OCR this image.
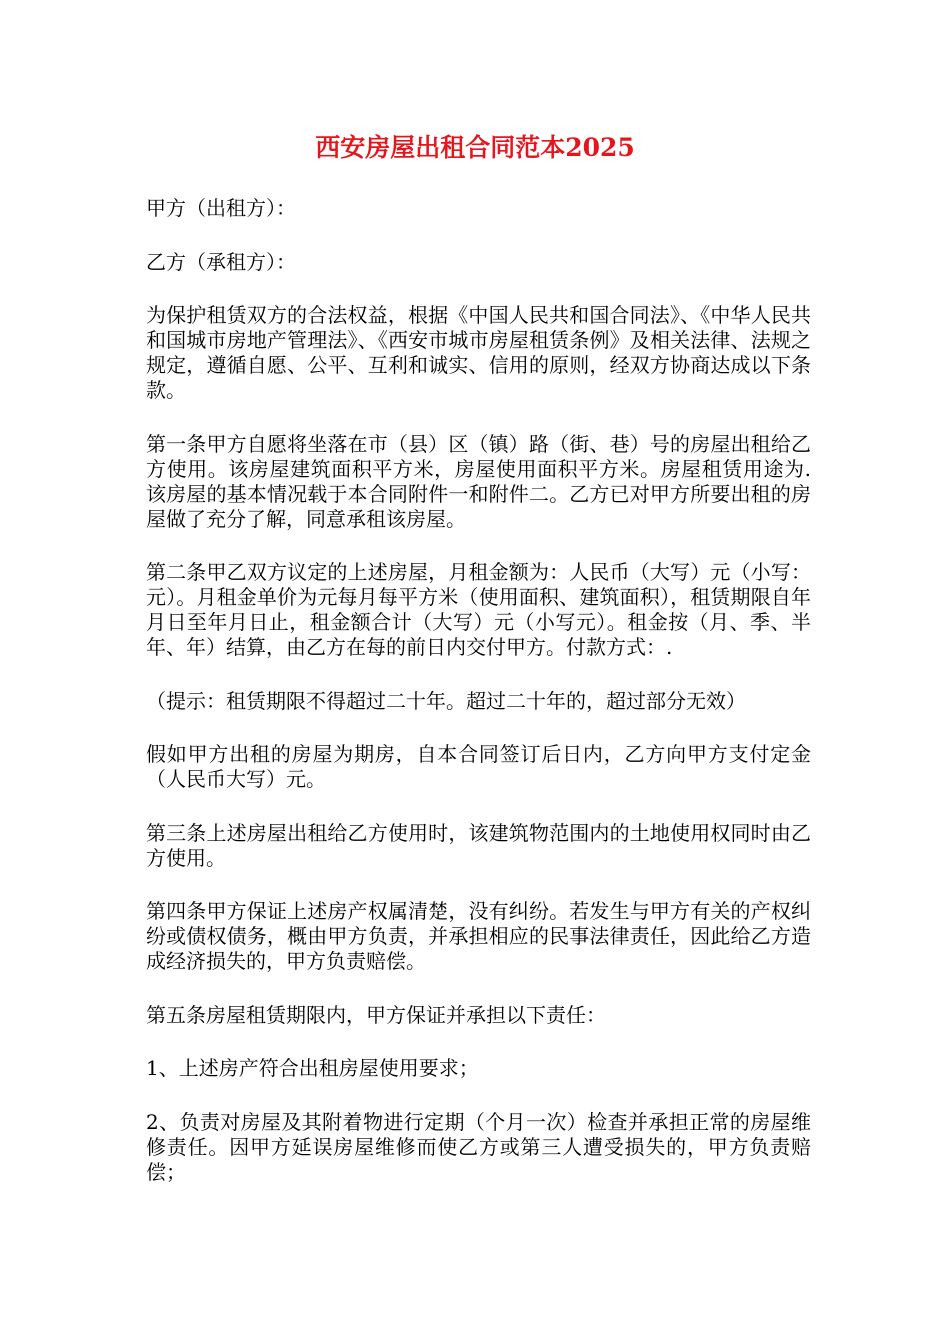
西安房屋出租合同范本2025

甲方（出租方）：

乙方（承租方）：

为保护租赁双方的合法权益，根据《中国人民共和国合同法》、《中华人民共和国城市房地产管理法》、《西安市城市房屋租赁条例》及相关法律、法规之规定，遵循自愿、公平、互利和诚实、信用的原则，经双方协商达成以下条款。

第一条甲方自愿将坐落在市（县）区（镇）路（街、巷）号的房屋出租给乙方使用。该房屋建筑面积平方米，房屋使用面积平方米。房屋租赁用途为.该房屋的基本情况载于本合同附件一和附件二。乙方已对甲方所要出租的房屋做了充分了解，同意承租该房屋。

第二条甲乙双方议定的上述房屋，月租金额为：人民币（大写）元（小写：元）。月租金单价为元每月每平方米（使用面积、建筑面积），租赁期限自年月日至年月日止，租金额合计（大写）元（小写元）。租金按（月、季、半年、年）结算，由乙方在每的前日内交付甲方。付款方式：.

（提示：租赁期限不得超过二十年。超过二十年的，超过部分无效）

假如甲方出租的房屋为期房，自本合同签订后日内，乙方向甲方支付定金（人民币大写）元。

第三条上述房屋出租给乙方使用时，该建筑物范围内的土地使用权同时由乙方使用。

第四条甲方保证上述房产权属清楚，没有纠纷。若发生与甲方有关的产权纠纷或债权债务，概由甲方负责，并承担相应的民事法律责任，因此给乙方造成经济损失的，甲方负责赔偿。

第五条房屋租赁期限内，甲方保证并承担以下责任：

1、上述房产符合出租房屋使用要求；

2、负责对房屋及其附着物进行定期（个月一次）检查并承担正常的房屋维修责任。因甲方延误房屋维修而使乙方或第三人遭受损失的，甲方负责赔偿；
